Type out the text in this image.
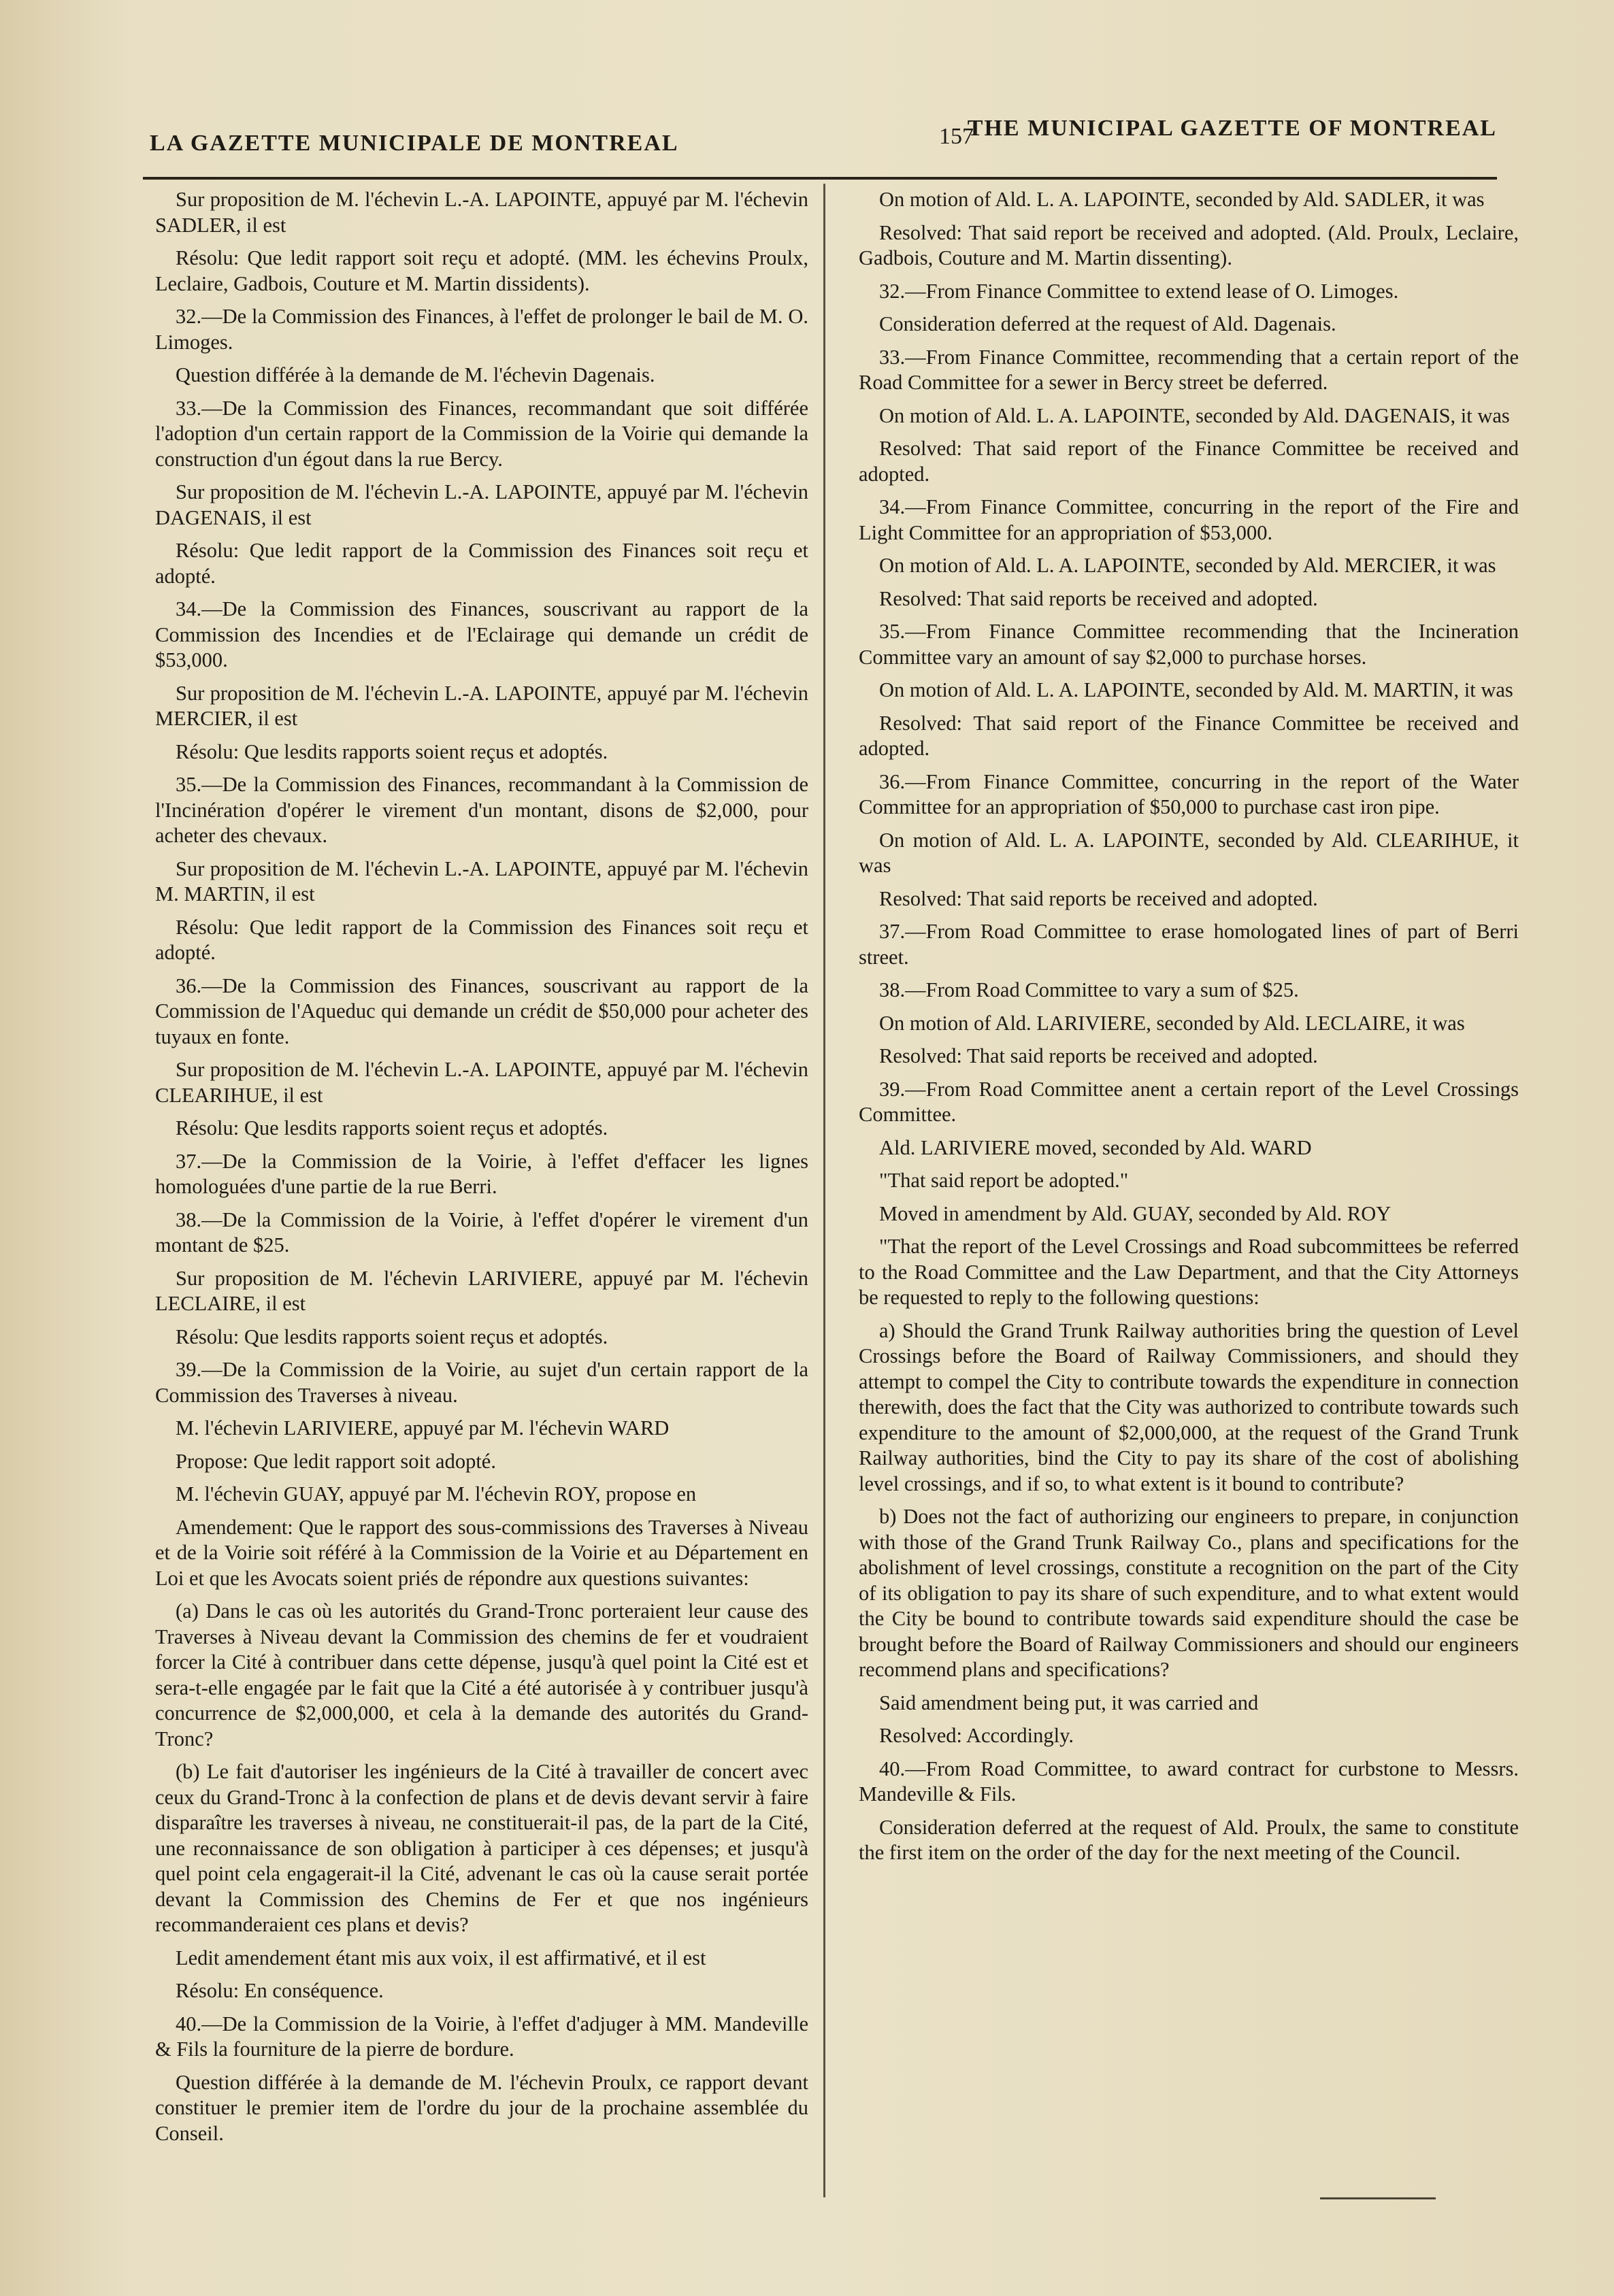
LA GAZETTE MUNICIPALE DE MONTREAL	157
THE MUNICIPAL GAZETTE OF MONTREAL

Sur proposition de M. l'échevin L.-A. LAPOINTE, appuyé par M. l'échevin SADLER, il est

Résolu: Que ledit rapport soit reçu et adopté. (MM. les échevins Proulx, Leclaire, Gadbois, Couture et M. Martin dissidents).

32.—De la Commission des Finances, à l'effet de prolonger le bail de M. O. Limoges.

Question différée à la demande de M. l'échevin Dagenais.

33.—De la Commission des Finances, recommandant que soit différée l'adoption d'un certain rapport de la Commission de la Voirie qui demande la construction d'un égout dans la rue Bercy.

Sur proposition de M. l'échevin L.-A. LAPOINTE, appuyé par M. l'échevin DAGENAIS, il est

Résolu: Que ledit rapport de la Commission des Finances soit reçu et adopté.

34.—De la Commission des Finances, souscrivant au rapport de la Commission des Incendies et de l'Eclairage qui demande un crédit de $53,000.

Sur proposition de M. l'échevin L.-A. LAPOINTE, appuyé par M. l'échevin MERCIER, il est

Résolu: Que lesdits rapports soient reçus et adoptés.

35.—De la Commission des Finances, recommandant à la Commission de l'Incinération d'opérer le virement d'un montant, disons de $2,000, pour acheter des chevaux.

Sur proposition de M. l'échevin L.-A. LAPOINTE, appuyé par M. l'échevin M. MARTIN, il est

Résolu: Que ledit rapport de la Commission des Finances soit reçu et adopté.

36.—De la Commission des Finances, souscrivant au rapport de la Commission de l'Aqueduc qui demande un crédit de $50,000 pour acheter des tuyaux en fonte.

Sur proposition de M. l'échevin L.-A. LAPOINTE, appuyé par M. l'échevin CLEARIHUE, il est

Résolu: Que lesdits rapports soient reçus et adoptés.

37.—De la Commission de la Voirie, à l'effet d'effacer les lignes homologuées d'une partie de la rue Berri.

38.—De la Commission de la Voirie, à l'effet d'opérer le virement d'un montant de $25.

Sur proposition de M. l'échevin LARIVIERE, appuyé par M. l'échevin LECLAIRE, il est

Résolu: Que lesdits rapports soient reçus et adoptés.

39.—De la Commission de la Voirie, au sujet d'un certain rapport de la Commission des Traverses à niveau.

M. l'échevin LARIVIERE, appuyé par M. l'échevin WARD

Propose: Que ledit rapport soit adopté.

M. l'échevin GUAY, appuyé par M. l'échevin ROY, propose en

Amendement: Que le rapport des sous-commissions des Traverses à Niveau et de la Voirie soit référé à la Commission de la Voirie et au Département en Loi et que les Avocats soient priés de répondre aux questions suivantes:

(a) Dans le cas où les autorités du Grand-Tronc porteraient leur cause des Traverses à Niveau devant la Commission des chemins de fer et voudraient forcer la Cité à contribuer dans cette dépense, jusqu'à quel point la Cité est et sera-t-elle engagée par le fait que la Cité a été autorisée à y contribuer jusqu'à concurrence de $2,000,000, et cela à la demande des autorités du Grand-Tronc?

(b) Le fait d'autoriser les ingénieurs de la Cité à travailler de concert avec ceux du Grand-Tronc à la confection de plans et de devis devant servir à faire disparaître les traverses à niveau, ne constituerait-il pas, de la part de la Cité, une reconnaissance de son obligation à participer à ces dépenses; et jusqu'à quel point cela engagerait-il la Cité, advenant le cas où la cause serait portée devant la Commission des Chemins de Fer et que nos ingénieurs recommanderaient ces plans et devis?

Ledit amendement étant mis aux voix, il est affirmativé, et il est

Résolu: En conséquence.

40.—De la Commission de la Voirie, à l'effet d'adjuger à MM. Mandeville & Fils la fourniture de la pierre de bordure.

Question différée à la demande de M. l'échevin Proulx, ce rapport devant constituer le premier item de l'ordre du jour de la prochaine assemblée du Conseil.

On motion of Ald. L. A. LAPOINTE, seconded by Ald. SADLER, it was

Resolved: That said report be received and adopted. (Ald. Proulx, Leclaire, Gadbois, Couture and M. Martin dissenting).

32.—From Finance Committee to extend lease of O. Limoges.

Consideration deferred at the request of Ald. Dagenais.

33.—From Finance Committee, recommending that a certain report of the Road Committee for a sewer in Bercy street be deferred.

On motion of Ald. L. A. LAPOINTE, seconded by Ald. DAGENAIS, it was

Resolved: That said report of the Finance Committee be received and adopted.

34.—From Finance Committee, concurring in the report of the Fire and Light Committee for an appropriation of $53,000.

On motion of Ald. L. A. LAPOINTE, seconded by Ald. MERCIER, it was

Resolved: That said reports be received and adopted.

35.—From Finance Committee recommending that the Incineration Committee vary an amount of say $2,000 to purchase horses.

On motion of Ald. L. A. LAPOINTE, seconded by Ald. M. MARTIN, it was

Resolved: That said report of the Finance Committee be received and adopted.

36.—From Finance Committee, concurring in the report of the Water Committee for an appropriation of $50,000 to purchase cast iron pipe.

On motion of Ald. L. A. LAPOINTE, seconded by Ald. CLEARIHUE, it was

Resolved: That said reports be received and adopted.

37.—From Road Committee to erase homologated lines of part of Berri street.

38.—From Road Committee to vary a sum of $25.

On motion of Ald. LARIVIERE, seconded by Ald. LECLAIRE, it was

Resolved: That said reports be received and adopted.

39.—From Road Committee anent a certain report of the Level Crossings Committee.

Ald. LARIVIERE moved, seconded by Ald. WARD

"That said report be adopted."

Moved in amendment by Ald. GUAY, seconded by Ald. ROY

"That the report of the Level Crossings and Road subcommittees be referred to the Road Committee and the Law Department, and that the City Attorneys be requested to reply to the following questions:

a) Should the Grand Trunk Railway authorities bring the question of Level Crossings before the Board of Railway Commissioners, and should they attempt to compel the City to contribute towards the expenditure in connection therewith, does the fact that the City was authorized to contribute towards such expenditure to the amount of $2,000,000, at the request of the Grand Trunk Railway authorities, bind the City to pay its share of the cost of abolishing level crossings, and if so, to what extent is it bound to contribute?

b) Does not the fact of authorizing our engineers to prepare, in conjunction with those of the Grand Trunk Railway Co., plans and specifications for the abolishment of level crossings, constitute a recognition on the part of the City of its obligation to pay its share of such expenditure, and to what extent would the City be bound to contribute towards said expenditure should the case be brought before the Board of Railway Commissioners and should our engineers recommend plans and specifications?

Said amendment being put, it was carried and

Resolved: Accordingly.

40.—From Road Committee, to award contract for curbstone to Messrs. Mandeville & Fils.

Consideration deferred at the request of Ald. Proulx, the same to constitute the first item on the order of the day for the next meeting of the Council.
